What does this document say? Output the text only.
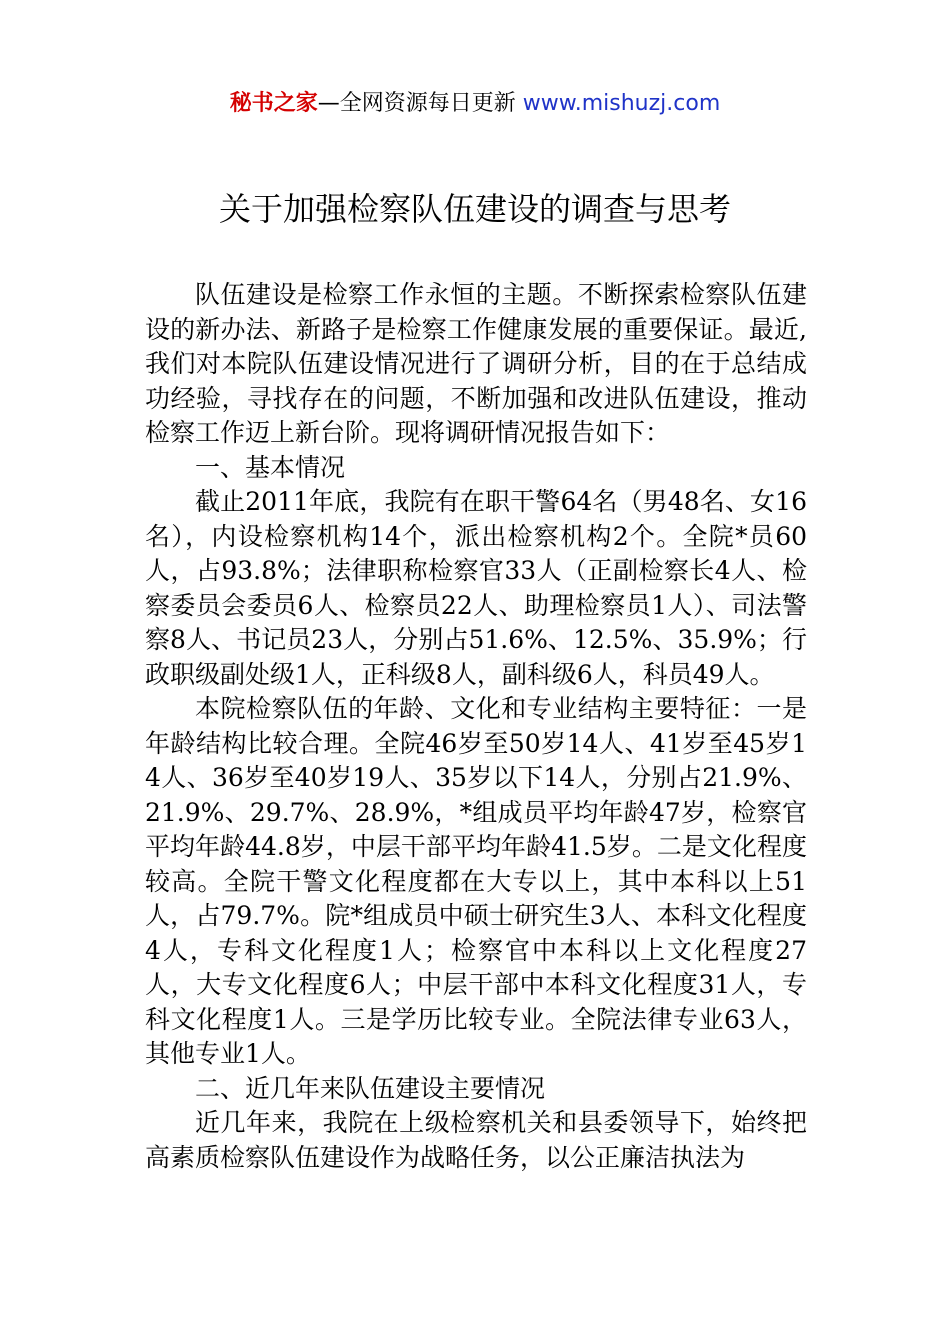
秘书之家—全网资源每日更新 www.mishuzj.com
关于加强检察队伍建设的调查与思考

队伍建设是检察工作永恒的主题。不断探索检察队伍建设的新办法、新路子是检察工作健康发展的重要保证。最近,我们对本院队伍建设情况进行了调研分析，目的在于总结成功经验，寻找存在的问题，不断加强和改进队伍建设，推动检察工作迈上新台阶。现将调研情况报告如下：

一、基本情况

截止2011年底，我院有在职干警64名（男48名、女16名），内设检察机构14个，派出检察机构2个。全院*员60人，占93.8%；法律职称检察官33人（正副检察长4人、检察委员会委员6人、检察员22人、助理检察员1人）、司法警察8人、书记员23人，分别占51.6%、12.5%、35.9%；行政职级副处级1人，正科级8人，副科级6人，科员49人。

本院检察队伍的年龄、文化和专业结构主要特征：一是年龄结构比较合理。全院46岁至50岁14人、41岁至45岁14人、36岁至40岁19人、35岁以下14人，分别占21.9%、21.9%、29.7%、28.9%，*组成员平均年龄47岁，检察官平均年龄44.8岁，中层干部平均年龄41.5岁。二是文化程度较高。全院干警文化程度都在大专以上，其中本科以上51人，占79.7%。院*组成员中硕士研究生3人、本科文化程度4人，专科文化程度1人；检察官中本科以上文化程度27人，大专文化程度6人；中层干部中本科文化程度31人，专科文化程度1人。三是学历比较专业。全院法律专业63人，其他专业1人。

二、近几年来队伍建设主要情况

近几年来，我院在上级检察机关和县委领导下，始终把高素质检察队伍建设作为战略任务，以公正廉洁执法为
